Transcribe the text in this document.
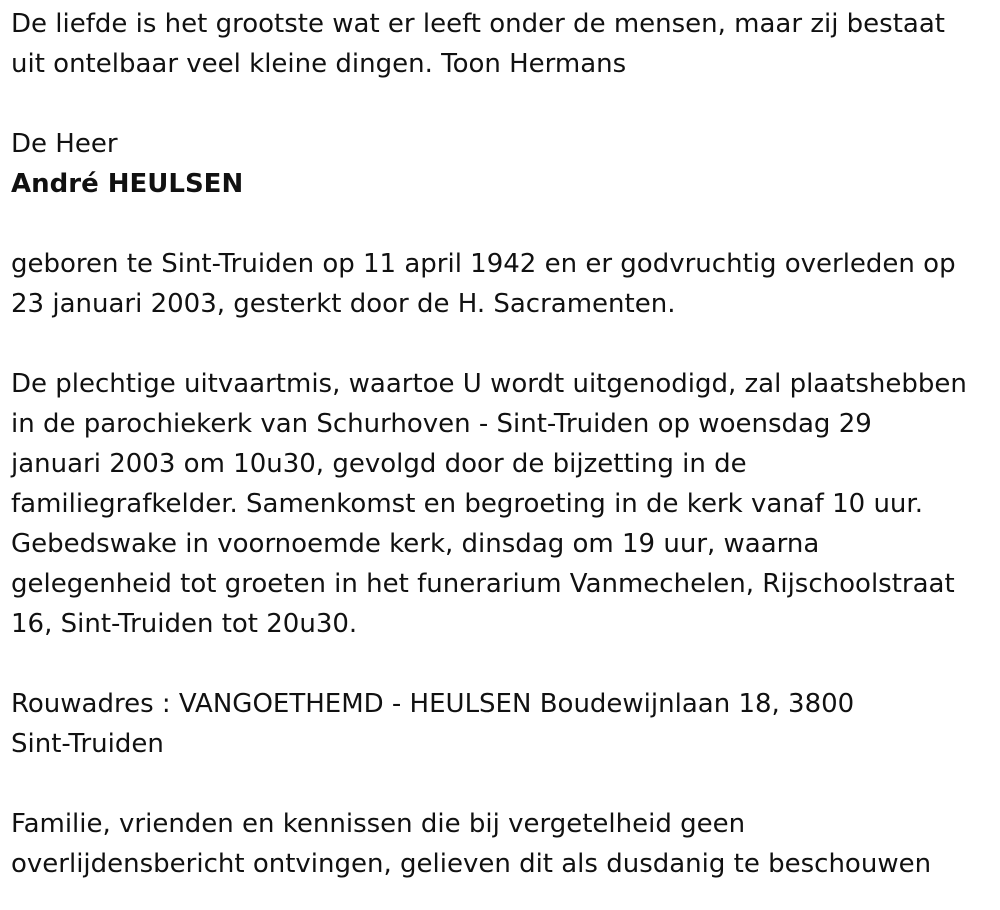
De liefde is het grootste wat er leeft onder de mensen, maar zij bestaat

uit ontelbaar veel kleine dingen. Toon Hermans

De Heer

André HEULSEN

geboren te Sint-Truiden op 11 april 1942 en er godvruchtig overleden op

23 januari 2003, gesterkt door de H. Sacramenten.

De plechtige uitvaartmis, waartoe U wordt uitgenodigd, zal plaatshebben

in de parochiekerk van Schurhoven - Sint-Truiden op woensdag 29

januari 2003 om 10u30, gevolgd door de bijzetting in de

familiegrafkelder. Samenkomst en begroeting in de kerk vanaf 10 uur.

Gebedswake in voornoemde kerk, dinsdag om 19 uur, waarna

gelegenheid tot groeten in het funerarium Vanmechelen, Rijschoolstraat

16, Sint-Truiden tot 20u30.

Rouwadres : VANGOETHEMD - HEULSEN Boudewijnlaan 18, 3800

Sint-Truiden

Familie, vrienden en kennissen die bij vergetelheid geen

overlijdensbericht ontvingen, gelieven dit als dusdanig te beschouwen
